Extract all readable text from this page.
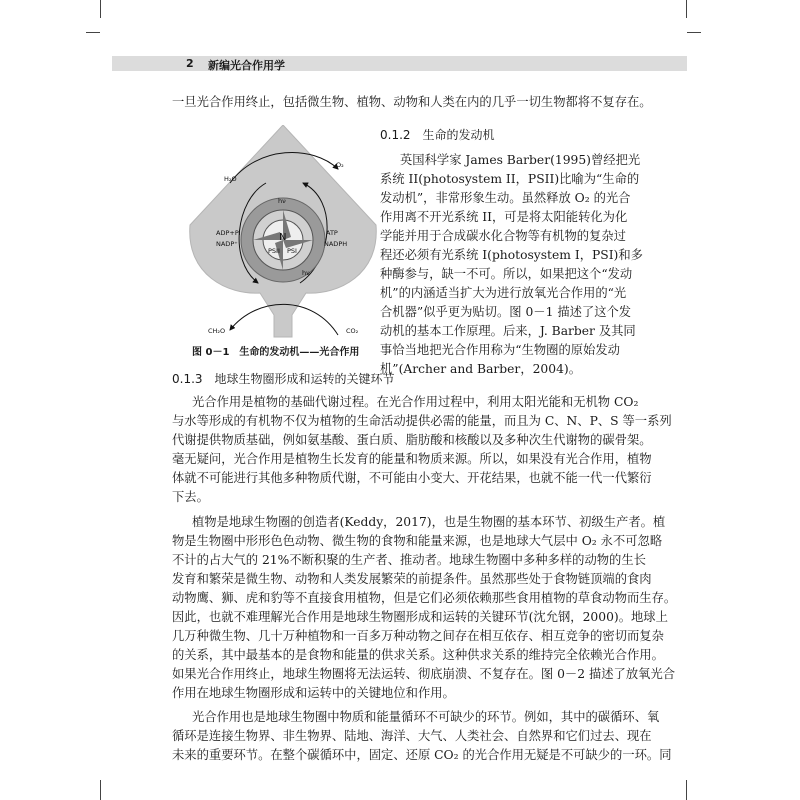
2 新编光合作用学
一旦光合作用终止，包括微生物、植物、动物和人类在内的几乎一切生物都将不复存在。
0.1.2　生命的发动机
英国科学家 James Barber(1995)曾经把光
系统 II(photosystem II，PSII)比喻为“生命的
发动机”，非常形象生动。虽然释放 O₂ 的光合
作用离不开光系统 II，可是将太阳能转化为化
学能并用于合成碳水化合物等有机物的复杂过
程还必须有光系统 I(photosystem I，PSI)和多
种酶参与，缺一不可。所以，如果把这个“发动
机”的内涵适当扩大为进行放氧光合作用的“光
合机器”似乎更为贴切。图 0－1 描述了这个发
动机的基本工作原理。后来，J. Barber 及其同
事恰当地把光合作用称为“生物圈的原始发动
机”(Archer and Barber，2004)。
H₂O
O₂
hν
ADP+Pi
NADP⁺
ATP
NADPH
N
PSII PSI
hν
CH₂O	CO₂
图 0－1　生命的发动机——光合作用
0.1.3　地球生物圈形成和运转的关键环节
光合作用是植物的基础代谢过程。在光合作用过程中，利用太阳光能和无机物 CO₂
与水等形成的有机物不仅为植物的生命活动提供必需的能量，而且为 C、N、P、S 等一系列
代谢提供物质基础，例如氨基酸、蛋白质、脂肪酸和核酸以及多种次生代谢物的碳骨架。
毫无疑问，光合作用是植物生长发育的能量和物质来源。所以，如果没有光合作用，植物
体就不可能进行其他多种物质代谢，不可能由小变大、开花结果，也就不能一代一代繁衍
下去。
植物是地球生物圈的创造者(Keddy，2017)，也是生物圈的基本环节、初级生产者。植
物是生物圈中形形色色动物、微生物的食物和能量来源，也是地球大气层中 O₂ 永不可忽略
不计的占大气的 21%不断积聚的生产者、推动者。地球生物圈中多种多样的动物的生长
发育和繁荣是微生物、动物和人类发展繁荣的前提条件。虽然那些处于食物链顶端的食肉
动物鹰、狮、虎和豹等不直接食用植物，但是它们必须依赖那些食用植物的草食动物而生存。
因此，也就不难理解光合作用是地球生物圈形成和运转的关键环节(沈允钢，2000)。地球上
几万种微生物、几十万种植物和一百多万种动物之间存在相互依存、相互竞争的密切而复杂
的关系，其中最基本的是食物和能量的供求关系。这种供求关系的维持完全依赖光合作用。
如果光合作用终止，地球生物圈将无法运转、彻底崩溃、不复存在。图 0－2 描述了放氧光合
作用在地球生物圈形成和运转中的关键地位和作用。
光合作用也是地球生物圈中物质和能量循环不可缺少的环节。例如，其中的碳循环、氧
循环是连接生物界、非生物界、陆地、海洋、大气、人类社会、自然界和它们过去、现在
未来的重要环节。在整个碳循环中，固定、还原 CO₂ 的光合作用无疑是不可缺少的一环。同
